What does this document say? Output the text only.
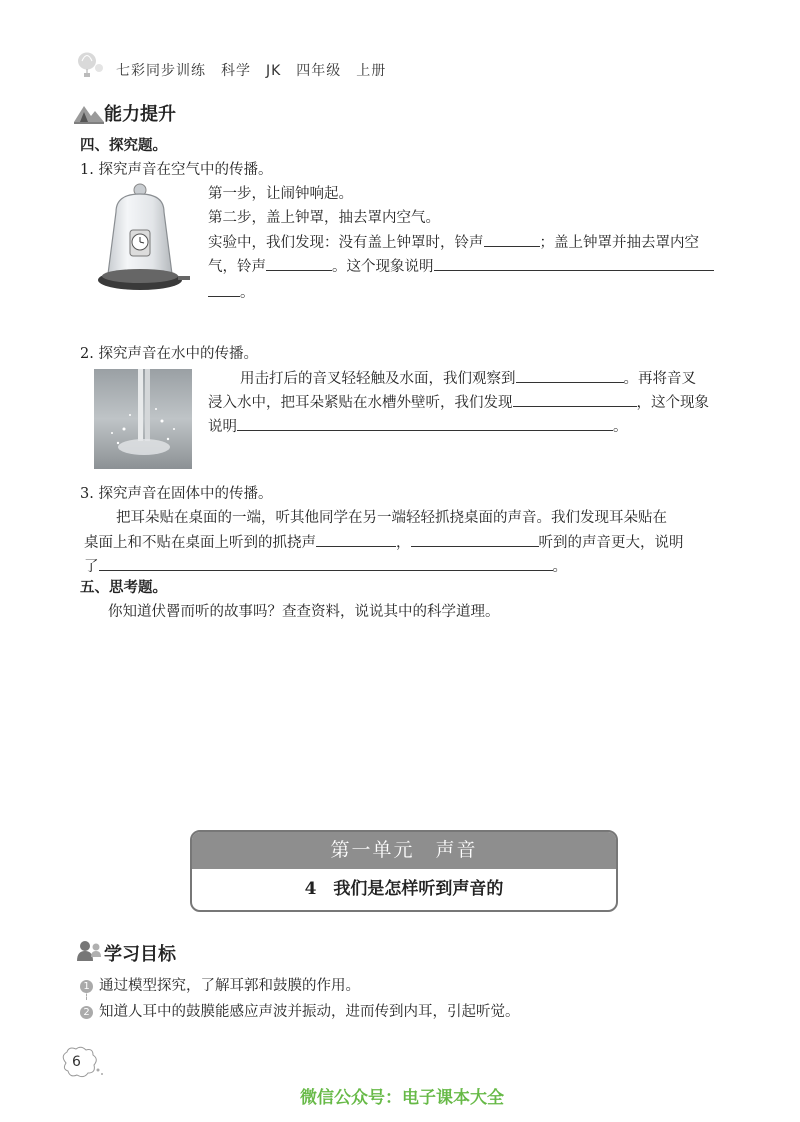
七彩同步训练　科学　JK　四年级　上册
能力提升
四、探究题。
1. 探究声音在空气中的传播。
第一步，让闹钟响起。
第二步，盖上钟罩，抽去罩内空气。
实验中，我们发现：没有盖上钟罩时，铃声	；盖上钟罩并抽去罩内空
气，铃声	。这个现象说明
。
2. 探究声音在水中的传播。
用击打后的音叉轻轻触及水面，我们观察到	。再将音叉
浸入水中，把耳朵紧贴在水槽外壁听，我们发现	，这个现象
说明	。
3. 探究声音在固体中的传播。
把耳朵贴在桌面的一端，听其他同学在另一端轻轻抓挠桌面的声音。我们发现耳朵贴在
桌面上和不贴在桌面上听到的抓挠声	，	听到的声音更大，说明
了	。
五、思考题。
你知道伏罾而听的故事吗？查查资料，说说其中的科学道理。
第一单元　声音
4　我们是怎样听到声音的
学习目标
1 通过模型探究，了解耳郭和鼓膜的作用。
2 知道人耳中的鼓膜能感应声波并振动，进而传到内耳，引起听觉。
6
微信公众号：电子课本大全
